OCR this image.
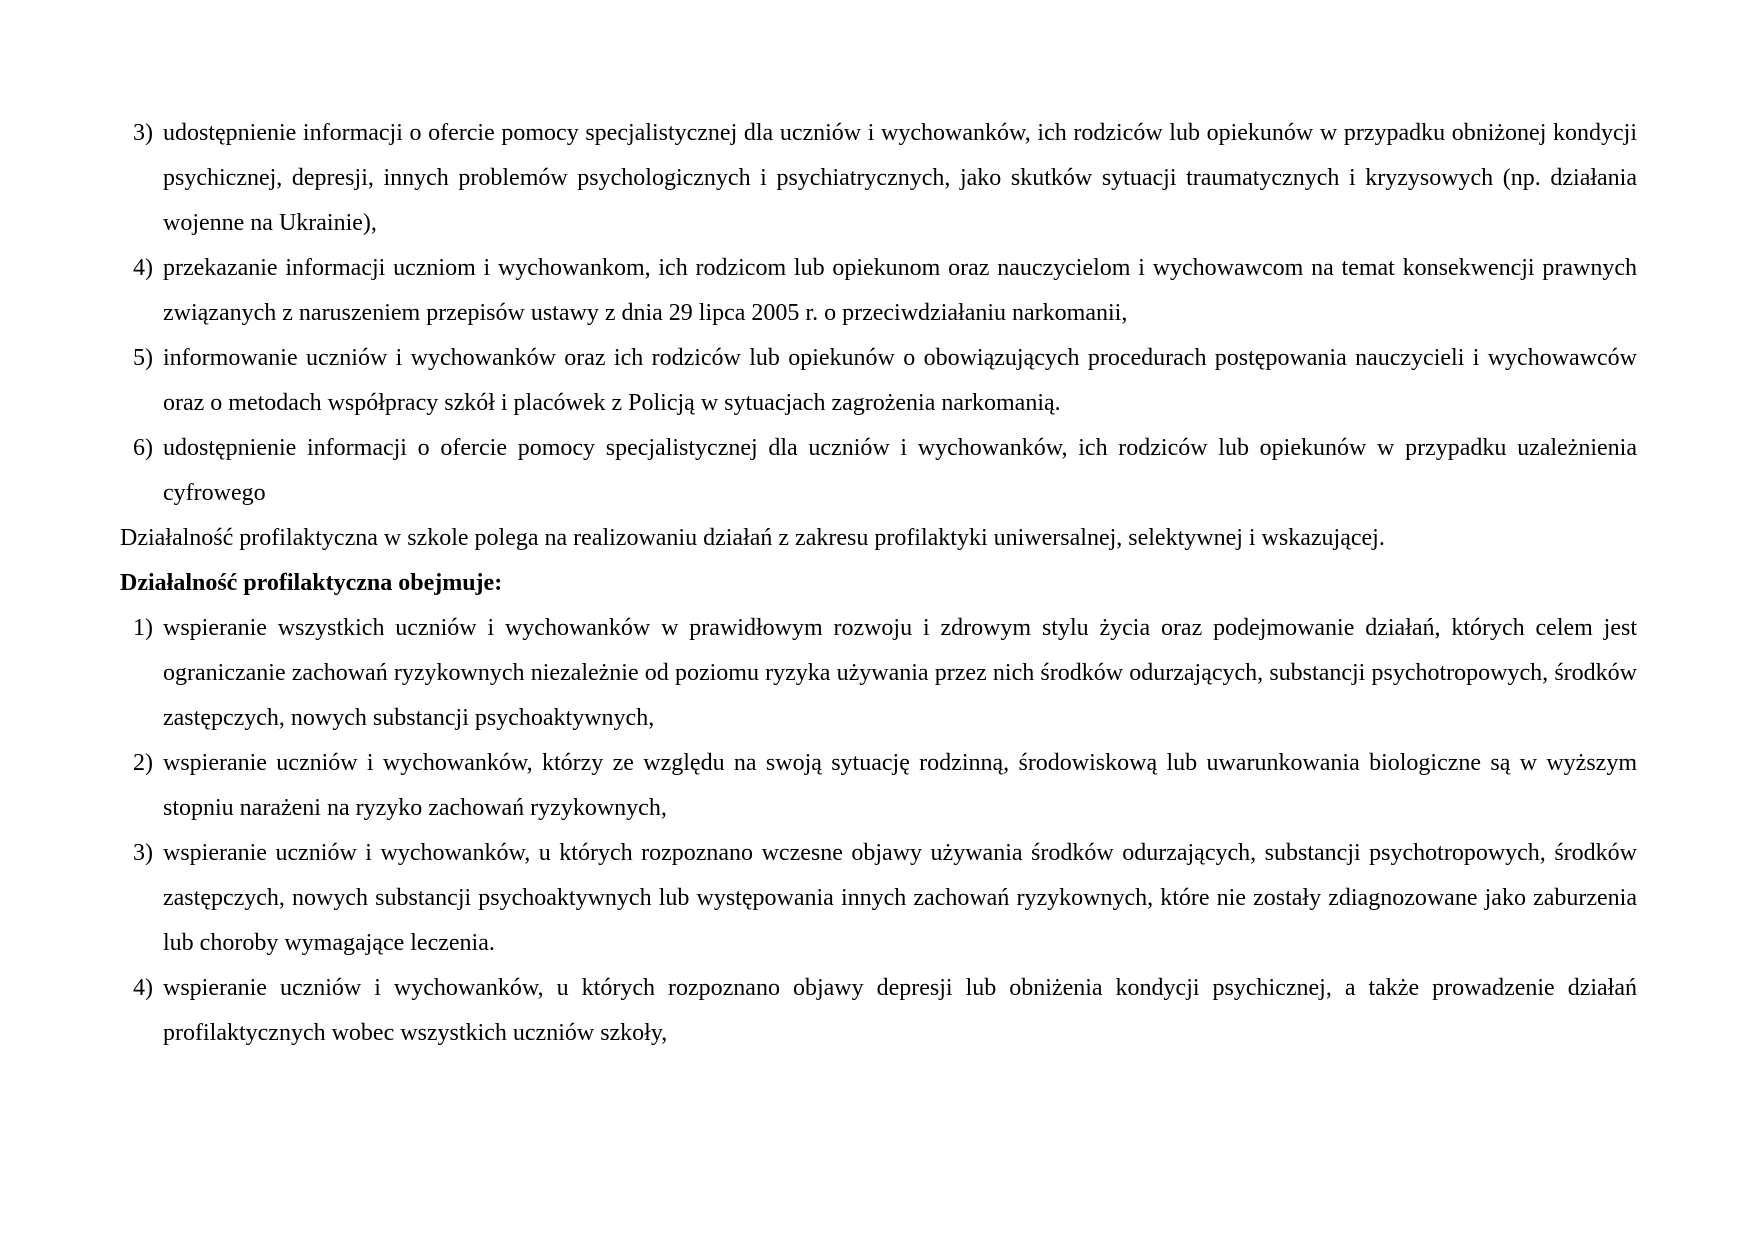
3) udostępnienie informacji o ofercie pomocy specjalistycznej dla uczniów i wychowanków, ich rodziców lub opiekunów w przypadku obniżonej kondycji psychicznej, depresji, innych problemów psychologicznych i psychiatrycznych, jako skutków sytuacji traumatycznych i kryzysowych (np. działania wojenne na Ukrainie),
4) przekazanie informacji uczniom i wychowankom, ich rodzicom lub opiekunom oraz nauczycielom i wychowawcom na temat konsekwencji prawnych związanych z naruszeniem przepisów ustawy z dnia 29 lipca 2005 r. o przeciwdziałaniu narkomanii,
5) informowanie uczniów i wychowanków oraz ich rodziców lub opiekunów o obowiązujących procedurach postępowania nauczycieli i wychowawców oraz o metodach współpracy szkół i placówek z Policją w sytuacjach zagrożenia narkomanią.
6) udostępnienie informacji o ofercie pomocy specjalistycznej dla uczniów i wychowanków, ich rodziców lub opiekunów w przypadku uzależnienia cyfrowego

Działalność profilaktyczna w szkole polega na realizowaniu działań z zakresu profilaktyki uniwersalnej, selektywnej i wskazującej.

Działalność profilaktyczna obejmuje:

1) wspieranie wszystkich uczniów i wychowanków w prawidłowym rozwoju i zdrowym stylu życia oraz podejmowanie działań, których celem jest ograniczanie zachowań ryzykownych niezależnie od poziomu ryzyka używania przez nich środków odurzających, substancji psychotropowych, środków zastępczych, nowych substancji psychoaktywnych,
2) wspieranie uczniów i wychowanków, którzy ze względu na swoją sytuację rodzinną, środowiskową lub uwarunkowania biologiczne są w wyższym stopniu narażeni na ryzyko zachowań ryzykownych,
3) wspieranie uczniów i wychowanków, u których rozpoznano wczesne objawy używania środków odurzających, substancji psychotropowych, środków zastępczych, nowych substancji psychoaktywnych lub występowania innych zachowań ryzykownych, które nie zostały zdiagnozowane jako zaburzenia lub choroby wymagające leczenia.
4) wspieranie uczniów i wychowanków, u których rozpoznano objawy depresji lub obniżenia kondycji psychicznej, a także prowadzenie działań profilaktycznych wobec wszystkich uczniów szkoły,
